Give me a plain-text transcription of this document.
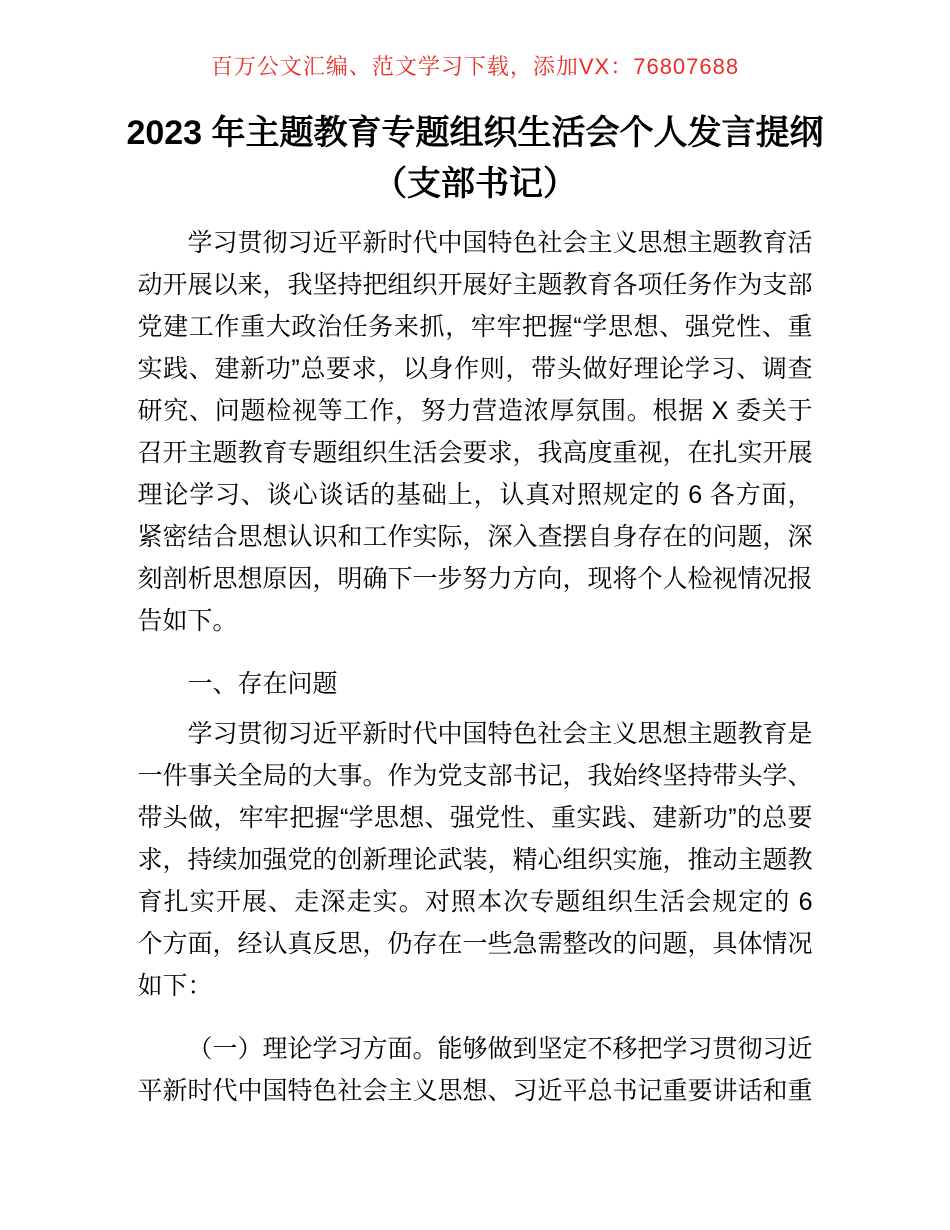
百万公文汇编、范文学习下载，添加VX：76807688
2023 年主题教育专题组织生活会个人发言提纲
（支部书记）

学习贯彻习近平新时代中国特色社会主义思想主题教育活动开展以来，我坚持把组织开展好主题教育各项任务作为支部党建工作重大政治任务来抓，牢牢把握“学思想、强党性、重实践、建新功”总要求，以身作则，带头做好理论学习、调查研究、问题检视等工作，努力营造浓厚氛围。根据 X 委关于召开主题教育专题组织生活会要求，我高度重视，在扎实开展理论学习、谈心谈话的基础上，认真对照规定的 6 各方面，紧密结合思想认识和工作实际，深入查摆自身存在的问题，深刻剖析思想原因，明确下一步努力方向，现将个人检视情况报告如下。

一、存在问题

学习贯彻习近平新时代中国特色社会主义思想主题教育是一件事关全局的大事。作为党支部书记，我始终坚持带头学、带头做，牢牢把握“学思想、强党性、重实践、建新功”的总要求，持续加强党的创新理论武装，精心组织实施，推动主题教育扎实开展、走深走实。对照本次专题组织生活会规定的 6 个方面，经认真反思，仍存在一些急需整改的问题，具体情况如下：

（一）理论学习方面。能够做到坚定不移把学习贯彻习近平新时代中国特色社会主义思想、习近平总书记重要讲话和重
